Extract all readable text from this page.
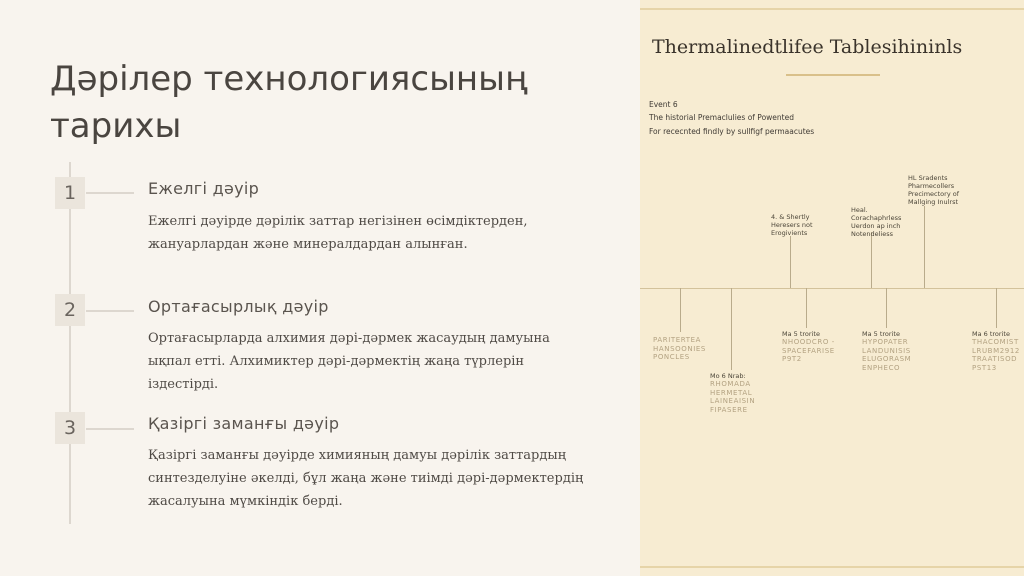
Дәрілер технологиясының тарихы
1	Ежелгі дәуір
Ежелгі дәуірде дәрілік заттар негізінен өсімдіктерден, жануарлардан және минералдардан алынған.
2	Ортағасырлық дәуір
Ортағасырларда алхимия дәрі-дәрмек жасаудың дамуына ықпал етті. Алхимиктер дәрі-дәрмектің жаңа түрлерін іздестірді.
3	Қазіргі заманғы дәуір
Қазіргі заманғы дәуірде химияның дамуы дәрілік заттардың синтезделуіне әкелді, бұл жаңа және тиімді дәрі-дәрмектердің жасалуына мүмкіндік берді.
Thermalinedtlifee Tablesihininls
Event 6
The historial Premaclulies of Powented
For rececnted findly by sullfigf permaacutes
4. & Shertly
Heresers not
Erogivients
Heal.
Corachaphrless
Uerdon ap inch
Notendeliess
HL Sradents
Pharmecollers
Precimectory of
Mallging Inulrst
PARITERTEA
HANSOONIES
PONCLES
Mo 6 Nrab:
RHOMADA
HERMETAL
LAINEAISIN
FIPASERE
Ma 5 trorite
NHOODCRO -
SPACEFARISE
P9T2
Ma 5 trorite
HYPOPATER
LANDUNISIS
ELUGORASM
ENPHECO
Ma 6 trorite
THACOMIST
LRUBM2912
TRAATISOD
PST13
